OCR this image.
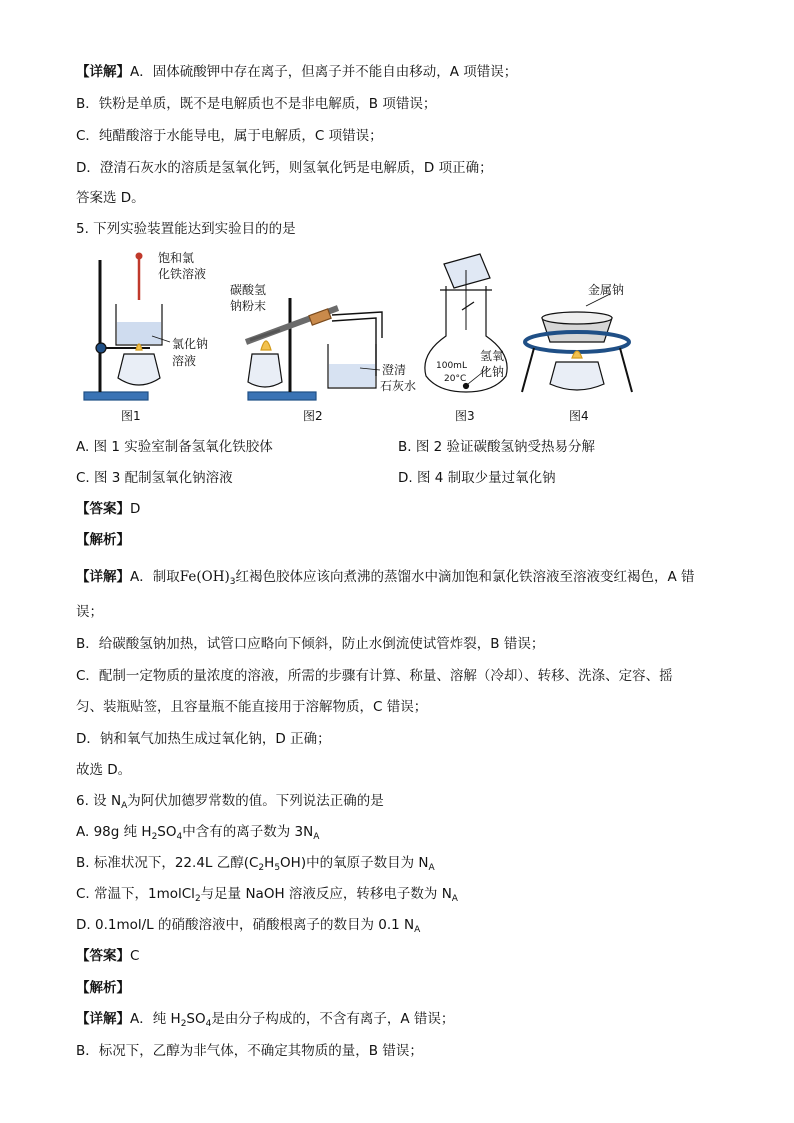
【详解】A．固体硫酸钾中存在离子，但离子并不能自由移动，A 项错误；
B．铁粉是单质，既不是电解质也不是非电解质，B 项错误；
C．纯醋酸溶于水能导电，属于电解质，C 项错误；
D．澄清石灰水的溶质是氢氧化钙，则氢氧化钙是电解质，D 项正确；
答案选 D。
5. 下列实验装置能达到实验目的的是
饱和氯
化铁溶液
氯化钠
溶液
碳酸氢
钠粉末
澄清
石灰水
100mL
20°C
氢氧
化钠
金属钠
图1	图2	图3	图4
A. 图 1 实验室制备氢氧化铁胶体	B. 图 2 验证碳酸氢钠受热易分解
C. 图 3 配制氢氧化钠溶液	D. 图 4 制取少量过氧化钠
【答案】D
【解析】
【详解】A．制取$Fe(OH)_3$红褐色胶体应该向煮沸的蒸馏水中滴加饱和氯化铁溶液至溶液变红褐色，A 错
误；
B．给碳酸氢钠加热，试管口应略向下倾斜，防止水倒流使试管炸裂，B 错误；
C．配制一定物质的量浓度的溶液，所需的步骤有计算、称量、溶解（冷却）、转移、洗涤、定容、摇
匀、装瓶贴签，且容量瓶不能直接用于溶解物质，C 错误；
D．钠和氧气加热生成过氧化钠，D 正确；
故选 D。
6. 设 $N_A$为阿伏加德罗常数的值。下列说法正确的是
A. 98g 纯 $H_2SO_4$中含有的离子数为 $3N_A$
B. 标准状况下，22.4L 乙醇$(C_2H_5OH)$中的氧原子数目为 $N_A$
C. 常温下，1molCl$_2$与足量 NaOH 溶液反应，转移电子数为 $N_A$
D. 0.1mol/L 的硝酸溶液中，硝酸根离子的数目为 0.1 $N_A$
【答案】C
【解析】
【详解】A．纯 $H_2SO_4$是由分子构成的，不含有离子，A 错误；
B．标况下，乙醇为非气体，不确定其物质的量，B 错误；
